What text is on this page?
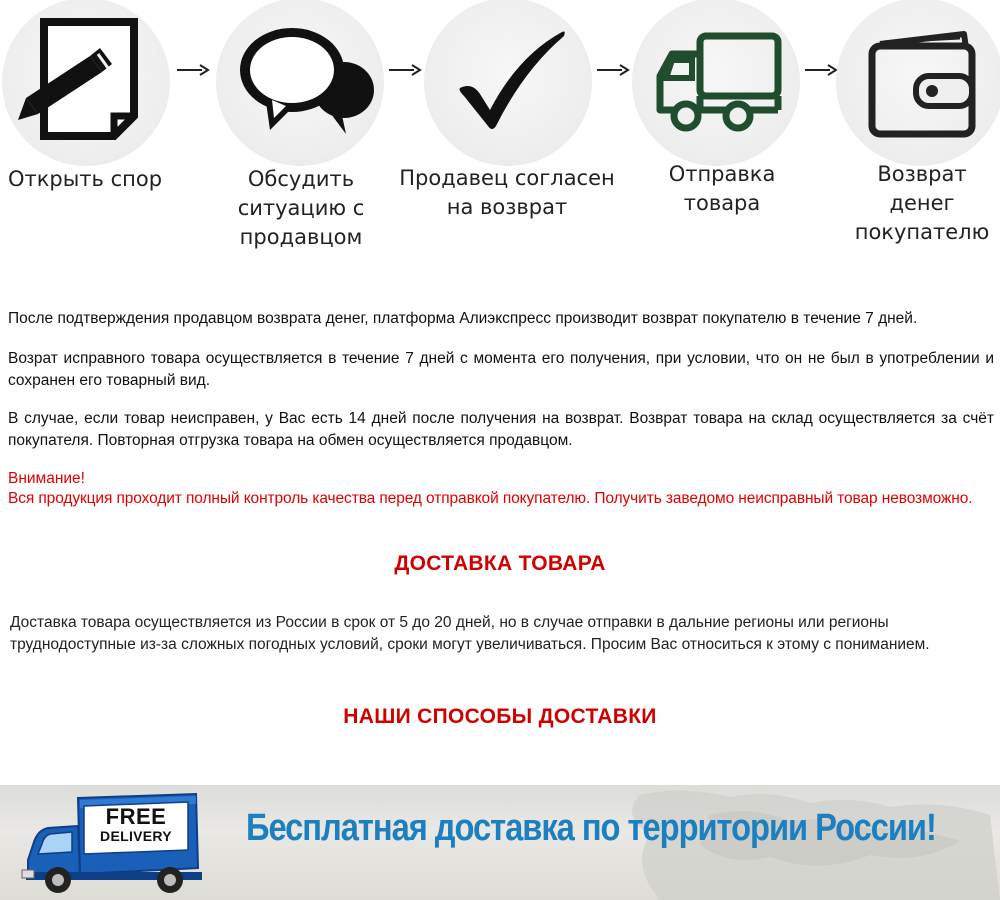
Открыть спор	Обсудить
ситуацию с
продавцом
Продавец согласен
на возврат
Отправка
товара
Возврат
денег
покупателю

После подтверждения продавцом возврата денег, платформа Алиэкспресс производит возврат покупателю в течение 7 дней.

Возрат исправного товара осуществляется в течение 7 дней с момента его получения, при условии, что он не был в употреблении и сохранен его товарный вид.

В случае, если товар неисправен, у Вас есть 14 дней после получения на возврат. Возврат товара на склад осуществляется за счёт покупателя. Повторная отгрузка товара на обмен осуществляется продавцом.

Внимание!

Вся продукция проходит полный контроль качества перед отправкой покупателю. Получить заведомо неисправный товар невозможно.

ДОСТАВКА ТОВАРА

Доставка товара осуществляется из России в срок от 5 до 20 дней, но в случае отправки в дальние регионы или регионы труднодоступные из-за сложных погодных условий, сроки могут увеличиваться. Просим Вас относиться к этому с пониманием.

НАШИ СПОСОБЫ ДОСТАВКИ
Бесплатная доставка по территории России!
FREE
DELIVERY
